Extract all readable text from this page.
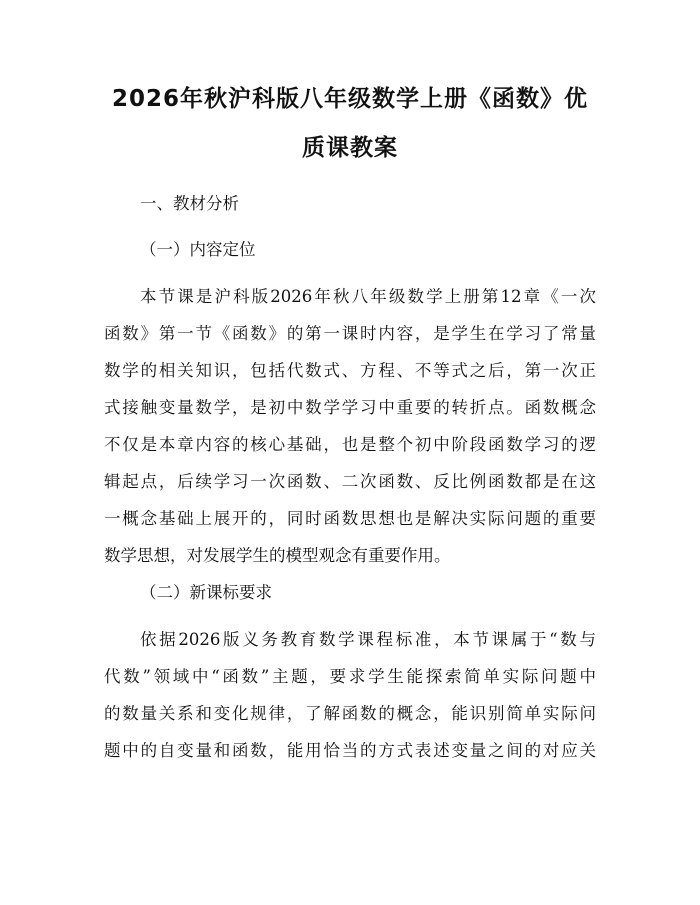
2026年秋沪科版八年级数学上册《函数》优
质课教案
一、教材分析
（一）内容定位
本节课是沪科版2026年秋八年级数学上册第12章《一次
函数》第一节《函数》的第一课时内容，是学生在学习了常量
数学的相关知识，包括代数式、方程、不等式之后，第一次正
式接触变量数学，是初中数学学习中重要的转折点。函数概念
不仅是本章内容的核心基础，也是整个初中阶段函数学习的逻
辑起点，后续学习一次函数、二次函数、反比例函数都是在这
一概念基础上展开的，同时函数思想也是解决实际问题的重要
数学思想，对发展学生的模型观念有重要作用。
（二）新课标要求
依据2026版义务教育数学课程标准，本节课属于“数与
代数”领域中“函数”主题，要求学生能探索简单实际问题中
的数量关系和变化规律，了解函数的概念，能识别简单实际问
题中的自变量和函数，能用恰当的方式表述变量之间的对应关
